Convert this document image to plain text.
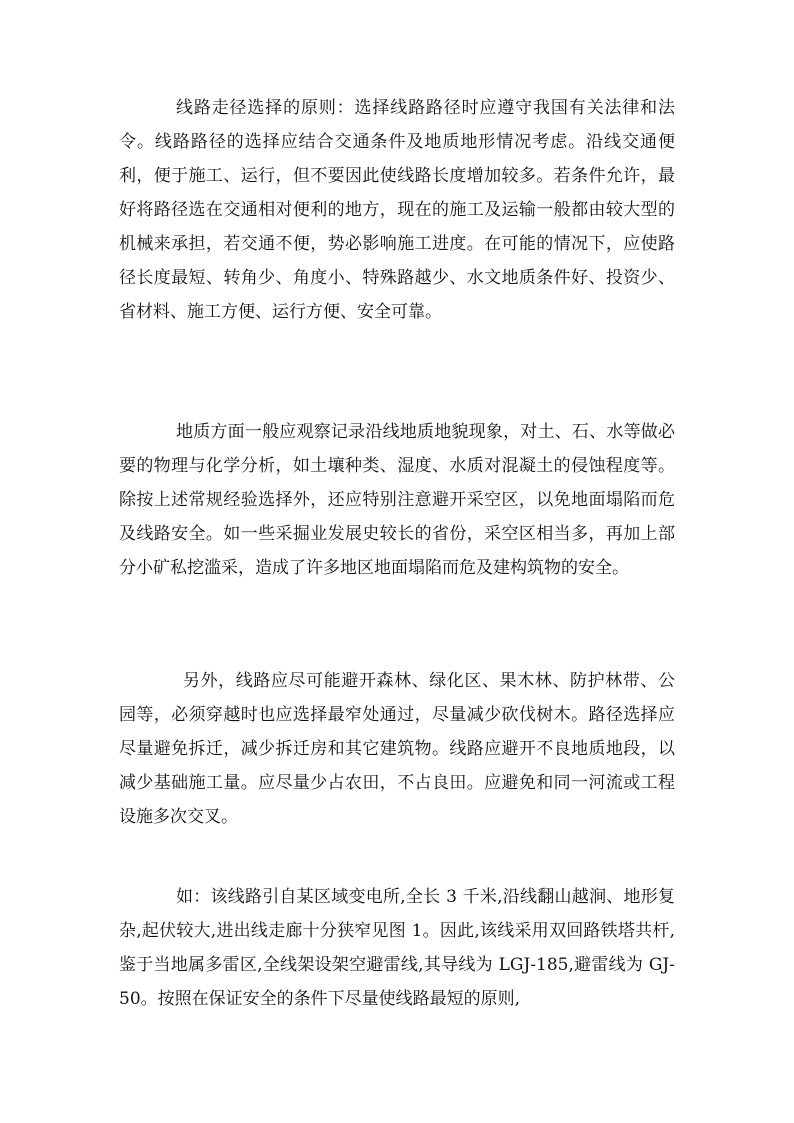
线路走径选择的原则：选择线路路径时应遵守我国有关法律和法令。线路路径的选择应结合交通条件及地质地形情况考虑。沿线交通便利，便于施工、运行，但不要因此使线路长度增加较多。若条件允许，最好将路径选在交通相对便利的地方，现在的施工及运输一般都由较大型的机械来承担，若交通不便，势必影响施工进度。在可能的情况下，应使路径长度最短、转角少、角度小、特殊路越少、水文地质条件好、投资少、省材料、施工方便、运行方便、安全可靠。

地质方面一般应观察记录沿线地质地貌现象，对土、石、水等做必要的物理与化学分析，如土壤种类、湿度、水质对混凝土的侵蚀程度等。除按上述常规经验选择外，还应特别注意避开采空区，以免地面塌陷而危及线路安全。如一些采掘业发展史较长的省份，采空区相当多，再加上部分小矿私挖滥采，造成了许多地区地面塌陷而危及建构筑物的安全。

另外，线路应尽可能避开森林、绿化区、果木林、防护林带、公园等，必须穿越时也应选择最窄处通过，尽量减少砍伐树木。路径选择应尽量避免拆迁，减少拆迁房和其它建筑物。线路应避开不良地质地段，以减少基础施工量。应尽量少占农田，不占良田。应避免和同一河流或工程设施多次交叉。

如：该线路引自某区域变电所,全长 3 千米,沿线翻山越涧、地形复杂,起伏较大,进出线走廊十分狭窄见图 1。因此,该线采用双回路铁塔共杆,鉴于当地属多雷区,全线架设架空避雷线,其导线为 LGJ-185,避雷线为 GJ-50。按照在保证安全的条件下尽量使线路最短的原则,
